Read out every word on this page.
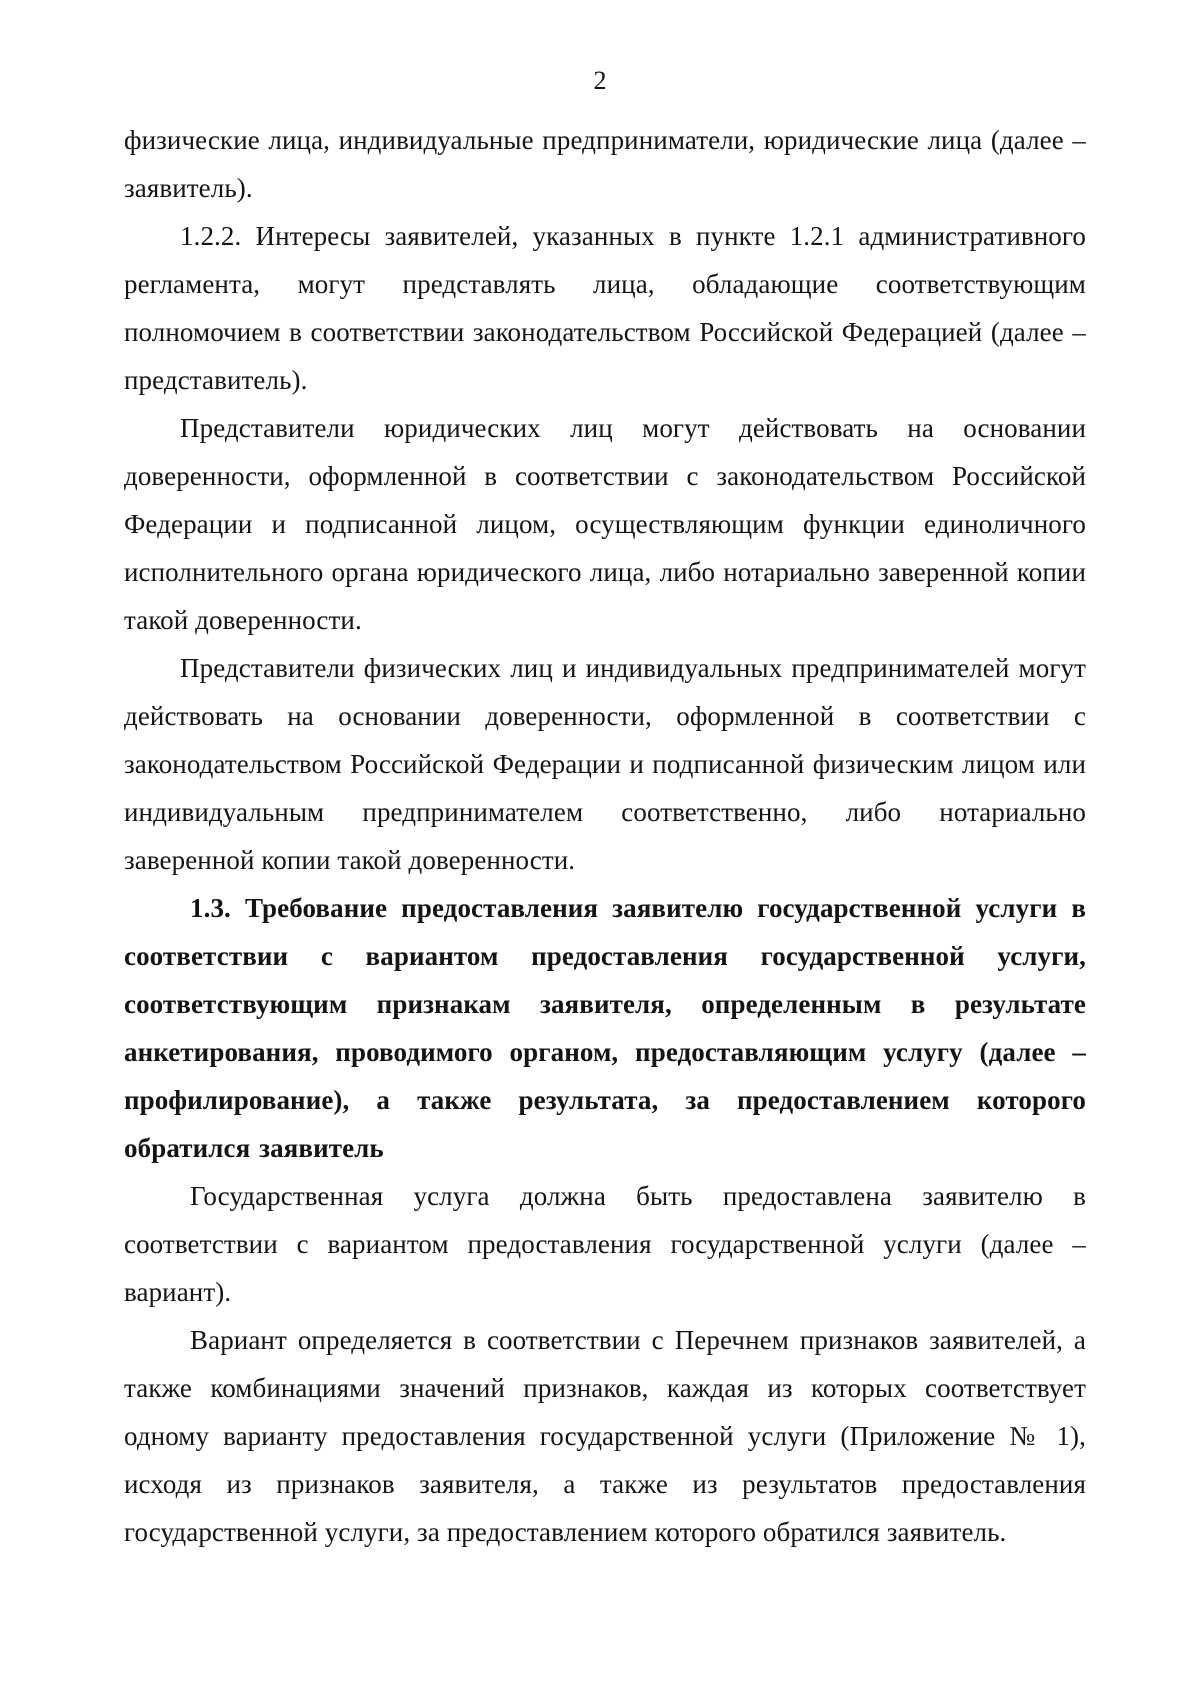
2

физические лица, индивидуальные предприниматели, юридические лица (далее – заявитель).

1.2.2. Интересы заявителей, указанных в пункте 1.2.1 административного регламента, могут представлять лица, обладающие соответствующим полномочием в соответствии законодательством Российской Федерацией (далее – представитель).

Представители юридических лиц могут действовать на основании доверенности, оформленной в соответствии с законодательством Российской Федерации и подписанной лицом, осуществляющим функции единоличного исполнительного органа юридического лица, либо нотариально заверенной копии такой доверенности.

Представители физических лиц и индивидуальных предпринимателей могут действовать на основании доверенности, оформленной в соответствии с законодательством Российской Федерации и подписанной физическим лицом или индивидуальным предпринимателем соответственно, либо нотариально заверенной копии такой доверенности.

1.3. Требование предоставления заявителю государственной услуги в соответствии с вариантом предоставления государственной услуги, соответствующим признакам заявителя, определенным в результате анкетирования, проводимого органом, предоставляющим услугу (далее – профилирование), а также результата, за предоставлением которого обратился заявитель

Государственная услуга должна быть предоставлена заявителю в соответствии с вариантом предоставления государственной услуги (далее – вариант).

Вариант определяется в соответствии с Перечнем признаков заявителей, а также комбинациями значений признаков, каждая из которых соответствует одному варианту предоставления государственной услуги (Приложение № 1), исходя из признаков заявителя, а также из результатов предоставления государственной услуги, за предоставлением которого обратился заявитель.
